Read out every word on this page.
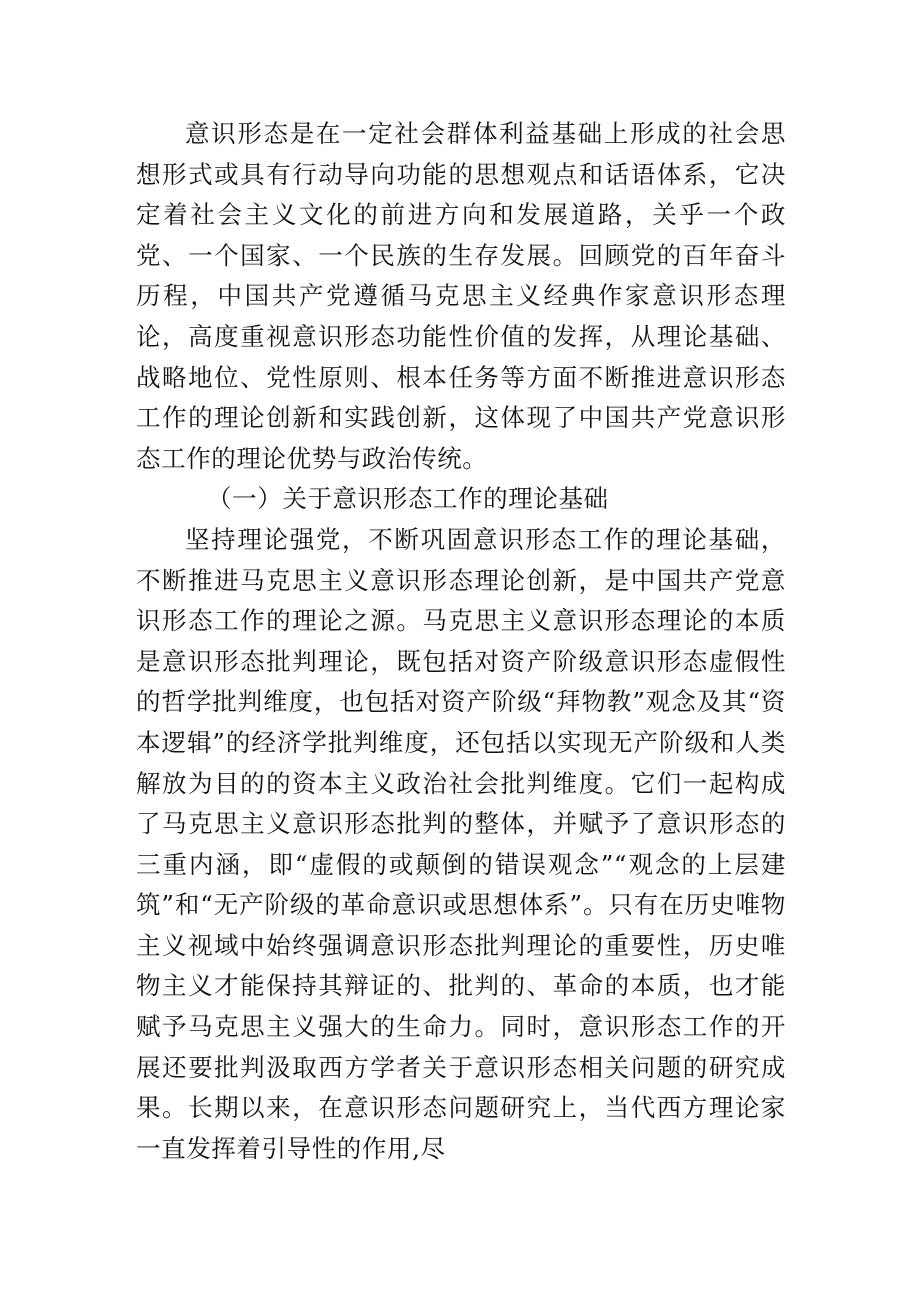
意识形态是在一定社会群体利益基础上形成的社会思想形式或具有行动导向功能的思想观点和话语体系，它决定着社会主义文化的前进方向和发展道路，关乎一个政党、一个国家、一个民族的生存发展。回顾党的百年奋斗历程，中国共产党遵循马克思主义经典作家意识形态理论，高度重视意识形态功能性价值的发挥，从理论基础、战略地位、党性原则、根本任务等方面不断推进意识形态工作的理论创新和实践创新，这体现了中国共产党意识形态工作的理论优势与政治传统。

（一）关于意识形态工作的理论基础

坚持理论强党，不断巩固意识形态工作的理论基础，不断推进马克思主义意识形态理论创新，是中国共产党意识形态工作的理论之源。马克思主义意识形态理论的本质是意识形态批判理论，既包括对资产阶级意识形态虚假性的哲学批判维度，也包括对资产阶级“拜物教”观念及其“资本逻辑”的经济学批判维度，还包括以实现无产阶级和人类解放为目的的资本主义政治社会批判维度。它们一起构成了马克思主义意识形态批判的整体，并赋予了意识形态的三重内涵，即“虚假的或颠倒的错误观念”“观念的上层建筑”和“无产阶级的革命意识或思想体系”。只有在历史唯物主义视域中始终强调意识形态批判理论的重要性，历史唯物主义才能保持其辩证的、批判的、革命的本质，也才能赋予马克思主义强大的生命力。同时，意识形态工作的开展还要批判汲取西方学者关于意识形态相关问题的研究成果。长期以来，在意识形态问题研究上，当代西方理论家一直发挥着引导性的作用,尽
